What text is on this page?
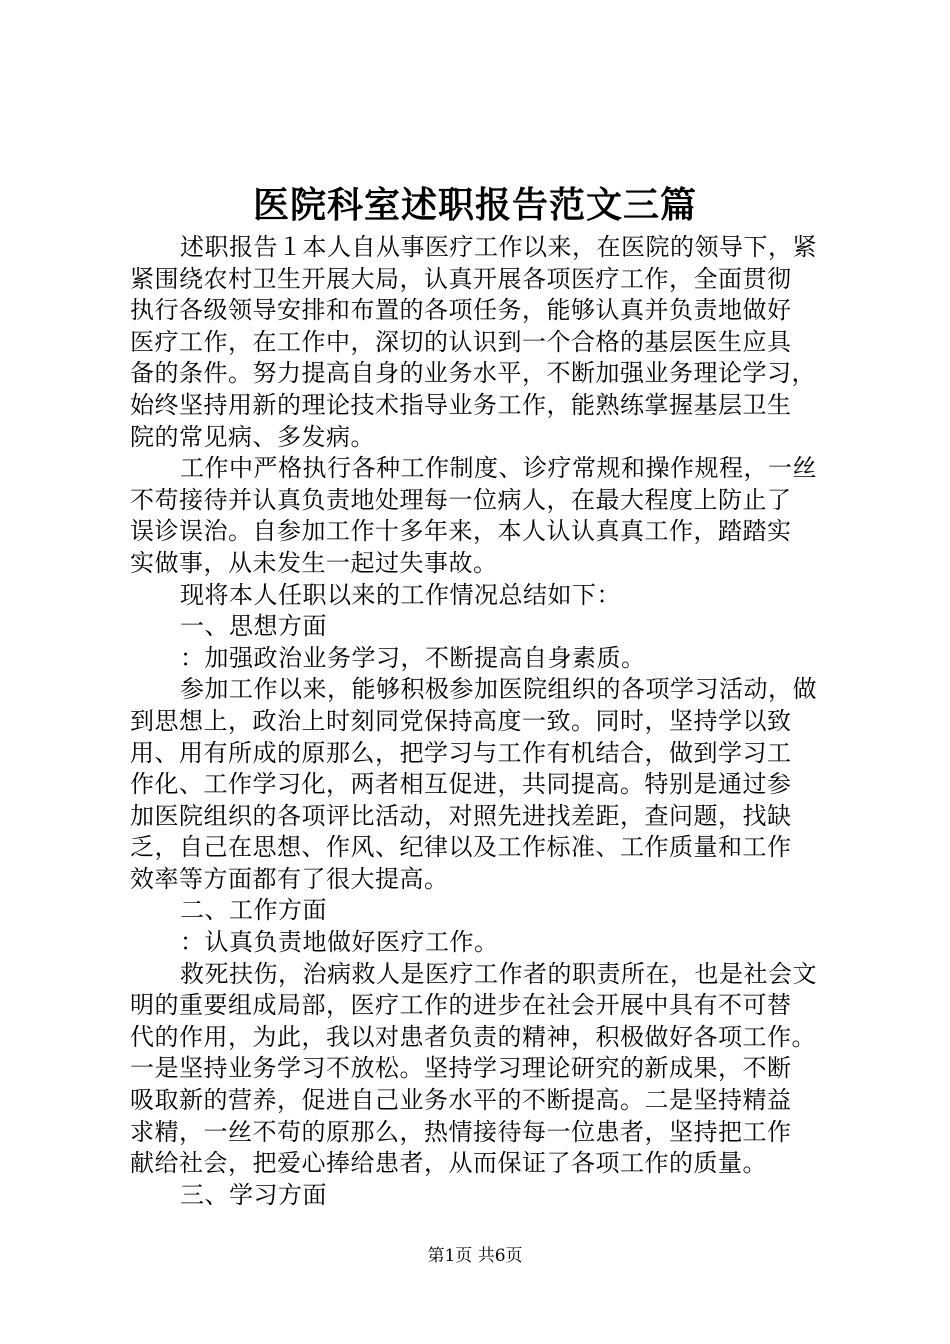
医院科室述职报告范文三篇
述职报告１本人自从事医疗工作以来，在医院的领导下，紧
紧围绕农村卫生开展大局，认真开展各项医疗工作，全面贯彻
执行各级领导安排和布置的各项任务，能够认真并负责地做好
医疗工作，在工作中，深切的认识到一个合格的基层医生应具
备的条件。努力提高自身的业务水平，不断加强业务理论学习，
始终坚持用新的理论技术指导业务工作，能熟练掌握基层卫生
院的常见病、多发病。
工作中严格执行各种工作制度、诊疗常规和操作规程，一丝
不苟接待并认真负责地处理每一位病人，在最大程度上防止了
误诊误治。自参加工作十多年来，本人认认真真工作，踏踏实
实做事，从未发生一起过失事故。
现将本人任职以来的工作情况总结如下：
一、思想方面
：加强政治业务学习，不断提高自身素质。
参加工作以来，能够积极参加医院组织的各项学习活动，做
到思想上，政治上时刻同党保持高度一致。同时，坚持学以致
用、用有所成的原那么，把学习与工作有机结合，做到学习工
作化、工作学习化，两者相互促进，共同提高。特别是通过参
加医院组织的各项评比活动，对照先进找差距，查问题，找缺
乏，自己在思想、作风、纪律以及工作标准、工作质量和工作
效率等方面都有了很大提高。
二、工作方面
：认真负责地做好医疗工作。
救死扶伤，治病救人是医疗工作者的职责所在，也是社会文
明的重要组成局部，医疗工作的进步在社会开展中具有不可替
代的作用，为此，我以对患者负责的精神，积极做好各项工作。
一是坚持业务学习不放松。坚持学习理论研究的新成果，不断
吸取新的营养，促进自己业务水平的不断提高。二是坚持精益
求精，一丝不苟的原那么，热情接待每一位患者，坚持把工作
献给社会，把爱心捧给患者，从而保证了各项工作的质量。
三、学习方面
第1页 共6页
